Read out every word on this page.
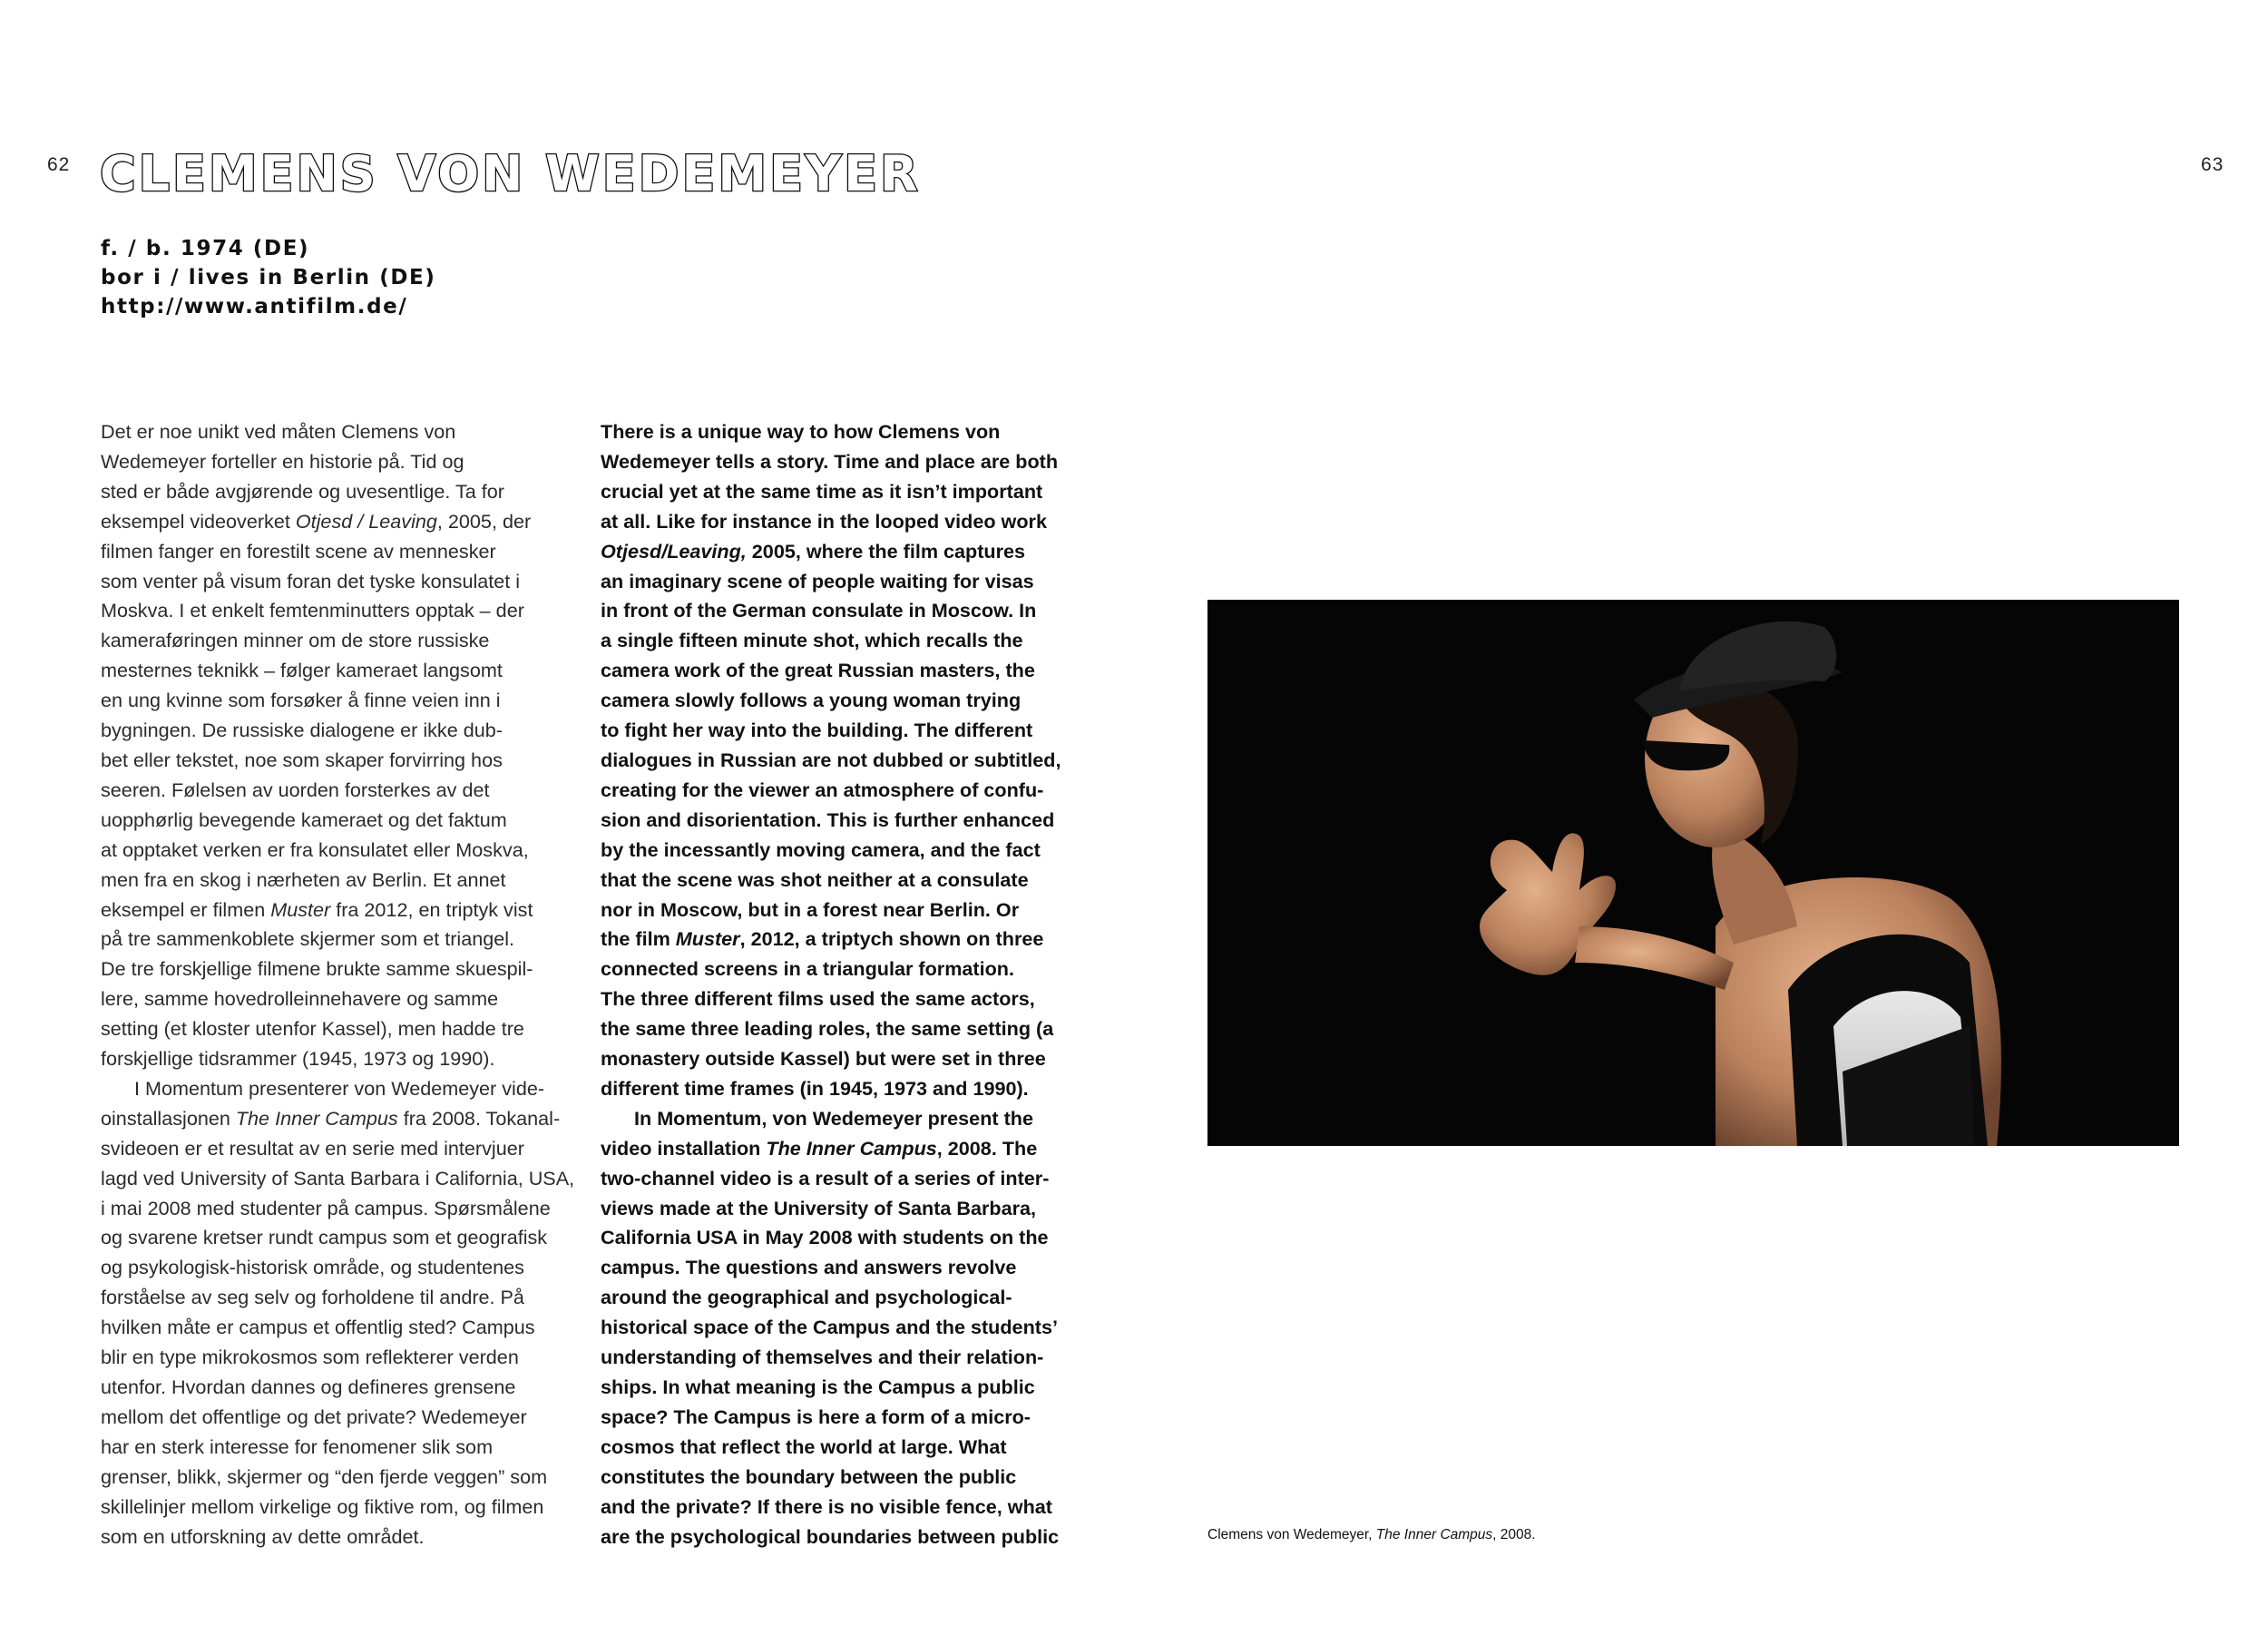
62	63
CLEMENS VON WEDEMEYER
f. / b. 1974 (DE)
bor i / lives in Berlin (DE)
http://www.antifilm.de/

Det er noe unikt ved måten Clemens von
Wedemeyer forteller en historie på. Tid og
sted er både avgjørende og uvesentlige. Ta for
eksempel videoverket Otjesd / Leaving, 2005, der
filmen fanger en forestilt scene av mennesker
som venter på visum foran det tyske konsulatet i
Moskva. I et enkelt femtenminutters opptak – der
kameraføringen minner om de store russiske
mesternes teknikk – følger kameraet langsomt
en ung kvinne som forsøker å finne veien inn i
bygningen. De russiske dialogene er ikke dub-
bet eller tekstet, noe som skaper forvirring hos
seeren. Følelsen av uorden forsterkes av det
uopphørlig bevegende kameraet og det faktum
at opptaket verken er fra konsulatet eller Moskva,
men fra en skog i nærheten av Berlin. Et annet
eksempel er filmen Muster fra 2012, en triptyk vist
på tre sammenkoblete skjermer som et triangel.
De tre forskjellige filmene brukte samme skuespil-
lere, samme hovedrolleinnehavere og samme
setting (et kloster utenfor Kassel), men hadde tre
forskjellige tidsrammer (1945, 1973 og 1990).

I Momentum presenterer von Wedemeyer vide-
oinstallasjonen The Inner Campus fra 2008. Tokanal-
svideoen er et resultat av en serie med intervjuer
lagd ved University of Santa Barbara i California, USA,
i mai 2008 med studenter på campus. Spørsmålene
og svarene kretser rundt campus som et geografisk
og psykologisk-historisk område, og studentenes
forståelse av seg selv og forholdene til andre. På
hvilken måte er campus et offentlig sted? Campus
blir en type mikrokosmos som reflekterer verden
utenfor. Hvordan dannes og defineres grensene
mellom det offentlige og det private? Wedemeyer
har en sterk interesse for fenomener slik som
grenser, blikk, skjermer og “den fjerde veggen” som
skillelinjer mellom virkelige og fiktive rom, og filmen
som en utforskning av dette området.

There is a unique way to how Clemens von
Wedemeyer tells a story. Time and place are both
crucial yet at the same time as it isn’t important
at all. Like for instance in the looped video work
Otjesd/Leaving, 2005, where the film captures
an imaginary scene of people waiting for visas
in front of the German consulate in Moscow. In
a single fifteen minute shot, which recalls the
camera work of the great Russian masters, the
camera slowly follows a young woman trying
to fight her way into the building. The different
dialogues in Russian are not dubbed or subtitled,
creating for the viewer an atmosphere of confu-
sion and disorientation. This is further enhanced
by the incessantly moving camera, and the fact
that the scene was shot neither at a consulate
nor in Moscow, but in a forest near Berlin. Or
the film Muster, 2012, a triptych shown on three
connected screens in a triangular formation.
The three different films used the same actors,
the same three leading roles, the same setting (a
monastery outside Kassel) but were set in three
different time frames (in 1945, 1973 and 1990).

In Momentum, von Wedemeyer present the
video installation The Inner Campus, 2008. The
two-channel video is a result of a series of inter-
views made at the University of Santa Barbara,
California USA in May 2008 with students on the
campus. The questions and answers revolve
around the geographical and psychological-
historical space of the Campus and the students’
understanding of themselves and their relation-
ships. In what meaning is the Campus a public
space? The Campus is here a form of a micro-
cosmos that reflect the world at large. What
constitutes the boundary between the public
and the private? If there is no visible fence, what
are the psychological boundaries between public	Clemens von Wedemeyer, The Inner Campus, 2008.
